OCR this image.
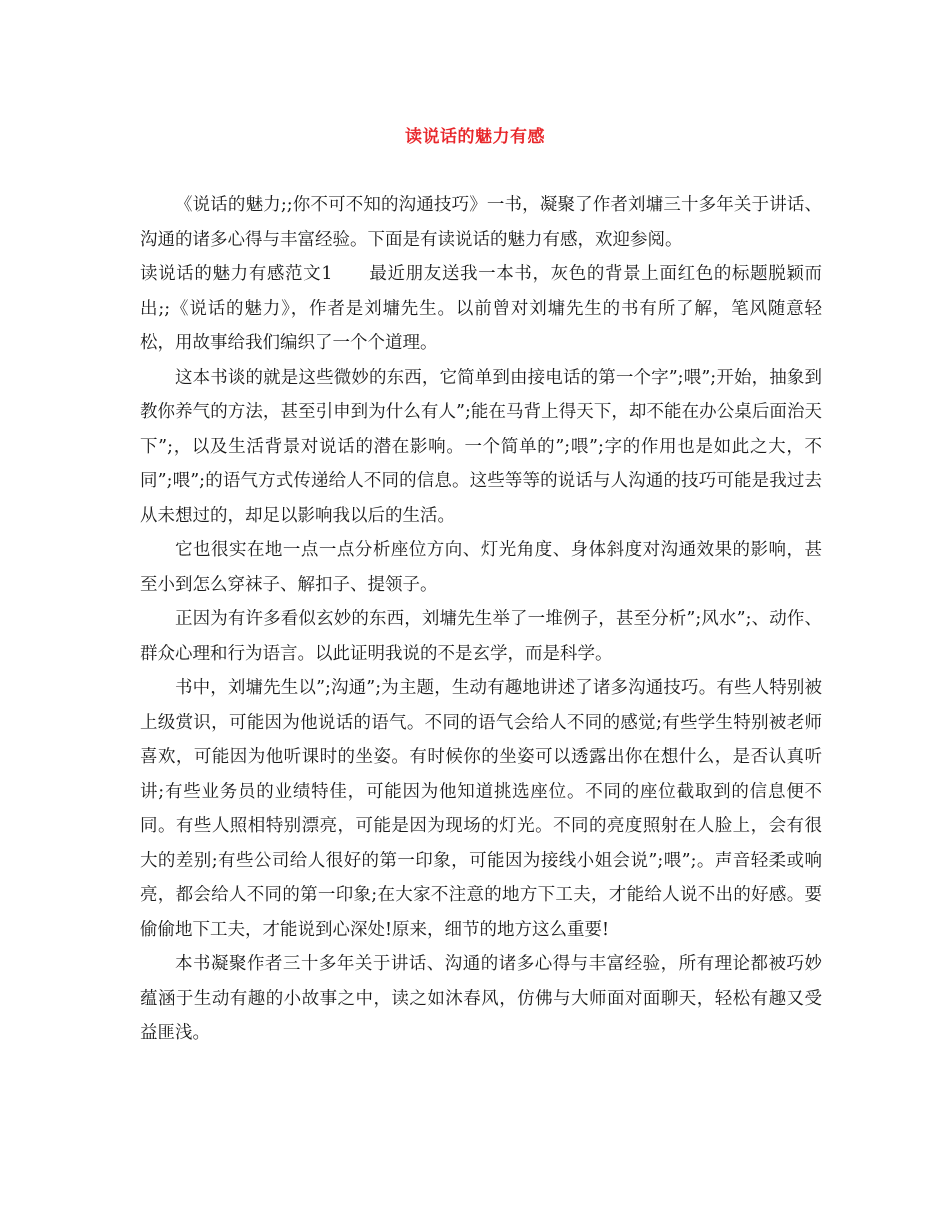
读说话的魅力有感

《说话的魅力;;你不可不知的沟通技巧》一书，凝聚了作者刘墉三十多年关于讲话、沟通的诸多心得与丰富经验。下面是有读说话的魅力有感，欢迎参阅。

读说话的魅力有感范文1　　最近朋友送我一本书，灰色的背景上面红色的标题脱颖而出;;《说话的魅力》，作者是刘墉先生。以前曾对刘墉先生的书有所了解，笔风随意轻松，用故事给我们编织了一个个道理。

这本书谈的就是这些微妙的东西，它简单到由接电话的第一个字”;喂”;开始，抽象到教你养气的方法，甚至引申到为什么有人”;能在马背上得天下，却不能在办公桌后面治天下”;，以及生活背景对说话的潜在影响。一个简单的”;喂”;字的作用也是如此之大，不同”;喂”;的语气方式传递给人不同的信息。这些等等的说话与人沟通的技巧可能是我过去从未想过的，却足以影响我以后的生活。

它也很实在地一点一点分析座位方向、灯光角度、身体斜度对沟通效果的影响，甚至小到怎么穿袜子、解扣子、提领子。

正因为有许多看似玄妙的东西，刘墉先生举了一堆例子，甚至分析”;风水”;、动作、群众心理和行为语言。以此证明我说的不是玄学，而是科学。

书中，刘墉先生以”;沟通”;为主题，生动有趣地讲述了诸多沟通技巧。有些人特别被上级赏识，可能因为他说话的语气。不同的语气会给人不同的感觉;有些学生特别被老师喜欢，可能因为他听课时的坐姿。有时候你的坐姿可以透露出你在想什么，是否认真听讲;有些业务员的业绩特佳，可能因为他知道挑选座位。不同的座位截取到的信息便不同。有些人照相特别漂亮，可能是因为现场的灯光。不同的亮度照射在人脸上，会有很大的差别;有些公司给人很好的第一印象，可能因为接线小姐会说”;喂”;。声音轻柔或响亮，都会给人不同的第一印象;在大家不注意的地方下工夫，才能给人说不出的好感。要偷偷地下工夫，才能说到心深处!原来，细节的地方这么重要!

本书凝聚作者三十多年关于讲话、沟通的诸多心得与丰富经验，所有理论都被巧妙蕴涵于生动有趣的小故事之中，读之如沐春风，仿佛与大师面对面聊天，轻松有趣又受益匪浅。
